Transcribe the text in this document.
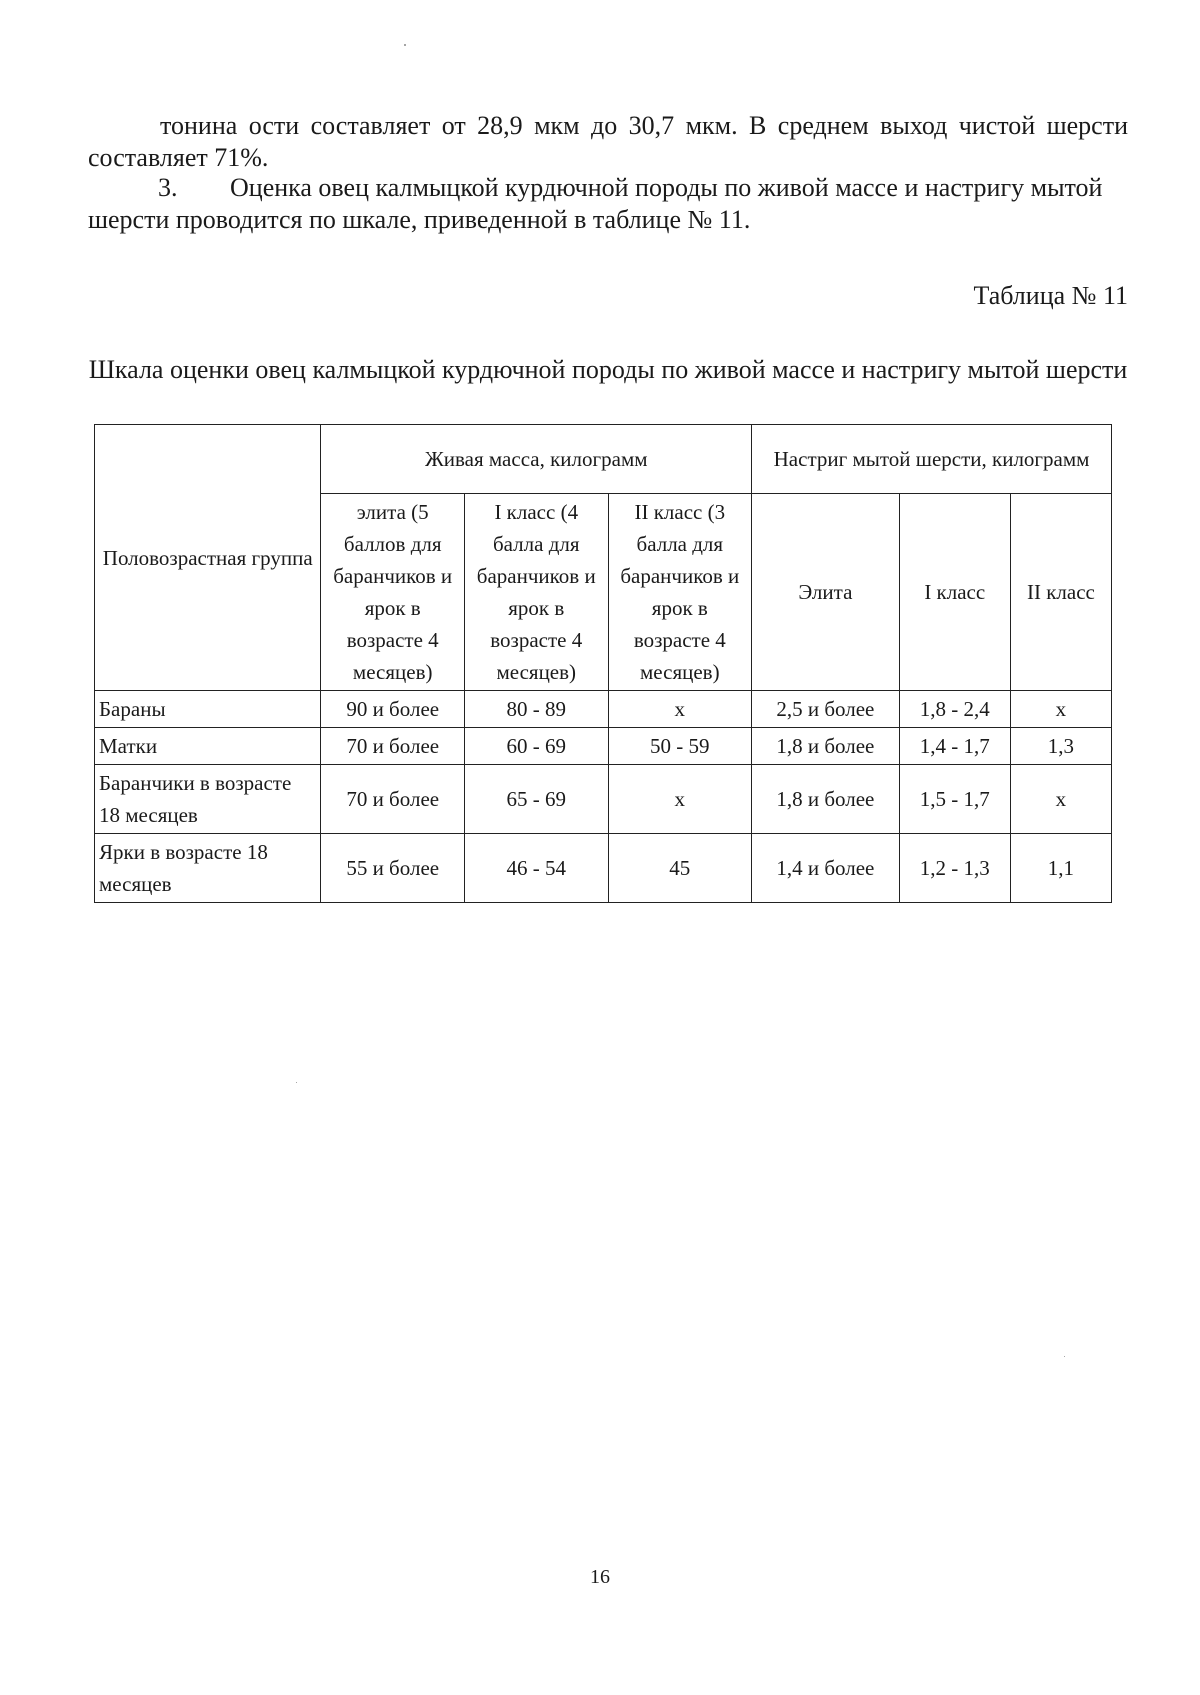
тонина ости составляет от 28,9 мкм до 30,7 мкм. В среднем выход чистой шерсти составляет 71%.

3. Оценка овец калмыцкой курдючной породы по живой массе и настригу мытой шерсти проводится по шкале, приведенной в таблице № 11.

Таблица № 11
Шкала оценки овец калмыцкой курдючной породы по живой массе и настригу мытой шерсти
Половозрастная группа	Живая масса, килограмм			Настриг мытой шерсти, килограмм		
	элита (5 баллов для баранчиков и ярок в возрасте 4 месяцев)	I класс (4 балла для баранчиков и ярок в возрасте 4 месяцев)	II класс (3 балла для баранчиков и ярок в возрасте 4 месяцев)	Элита	I класс	II класс
Бараны	90 и более	80 - 89	х	2,5 и более	1,8 - 2,4	х
Матки	70 и более	60 - 69	50 - 59	1,8 и более	1,4 - 1,7	1,3
Баранчики в возрасте 18 месяцев	70 и более	65 - 69	х	1,8 и более	1,5 - 1,7	х
Ярки в возрасте 18 месяцев	55 и более	46 - 54	45	1,4 и более	1,2 - 1,3	1,1
16
